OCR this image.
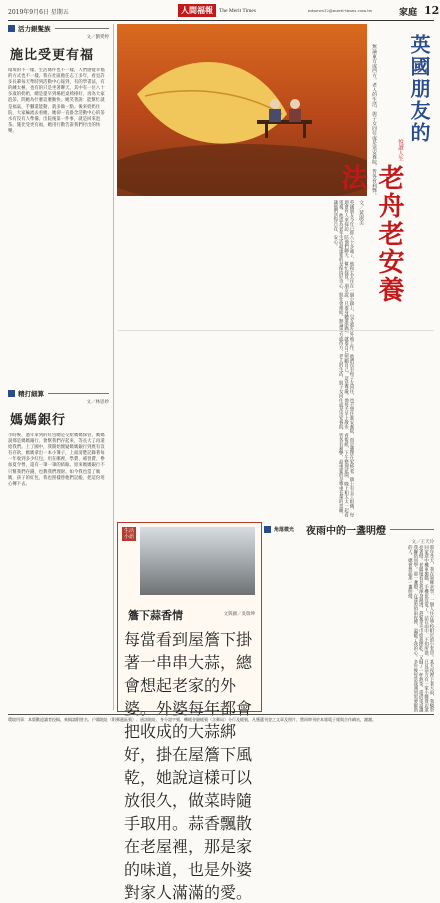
2019年9月6日 星期五	人間福報	The Merit Times	mtnews12@merit-times.com.tw	家庭 12
活力銀髮族
文／劉愛婷
施比受更有福
環境的不一樣，生活條件也不一樣，人們感覺幸福的方式也不一樣。我在社區擔任志工多年，看見許多長輩每天準時到活動中心報到，有的學書法，有的練太極，也有的只是坐著聊天。其中有一位八十多歲的奶奶，總是提早到場把桌椅排好，再為大家泡茶。問她為什麼這麼勤快，她笑著說：能幫忙就是福氣，手腳還能動，就多做一點。後來奶奶住院，大家輪流去看她，她卻一直掛念活動中心的茶水有沒有人準備。出院後第一件事，就是回來泡茶。施比受更有福，她用行動告訴我們付出的快樂。
精打細算
文／林思妙
媽媽銀行
小時候，過年拿到的紅包總是交給媽媽保管，媽媽說那是媽媽銀行，會幫我們存起來，等長大了再還給我們。上了國中，我開始懷疑媽媽銀行到底有沒有存款，媽媽拿出一本小簿子，上面清楚記錄著每一年收到多少紅包，用在哪裡，學費、補習費、參加夏令營，還有一筆一筆的結餘。原來媽媽銀行不只幫我們存錢，也教我們理財。如今我也當了媽媽，孩子的紅包，我也照樣替他們記帳，把這份用心傳下去。
英國朋友的
悅讀人生
老舟老安養法 無論東方或西方，老人的生活，與子女同住或是送安養院，皆各有利弊。
文／黃淑美
英國朋友今年已經八十多歲了，他和太太住在一個小鎮上，兒女都在外地工作。他們沒有和子女同住，也不想住進安養院，而是選擇在家終老。鎮上有志工組織，每週會有人來探訪，陪他們聊天、幫忙採買。朋友說，只要身體還能動，就要自己照顧自己，這是尊嚴。他每天早上散步、看報紙，下午整理花園，晚上和太太一起看電視。他認為老年生活最重要的是保持好奇心，與社會連結。無論東方或西方，老人的生活，與子女同住或是送安養院，皆各有利弊，最重要的是尊重長輩的意願，讓他們活得自在、安心。
角落微光 夜雨中的一盞明燈
文／王天玲
那年冬天，我在異鄉求學，一個人住在學校附近的小套房。某天夜裡下著大雨，我騎車回家途中機車拋錨，手機也沒電了。站在雨中，不知所措，只見前方有一家小雜貨店還亮著燈。老闆娘看見我渾身濕透，趕緊拿毛巾給我擦乾，又倒了一杯熱茶，還借電話讓我聯絡同學。那一盞燈，在漆黑的雨夜裡，溫暖了我的心。多年後每當我遇到需要幫助的人，總會想起那一盞明燈。
生活
小語
簷下蒜香情	文與圖／吳瑞坤
每當看到屋簷下掛著一串串大蒜，總會想起老家的外婆。外婆每年都會把收成的大蒜綁好，掛在屋簷下風乾，她說這樣可以放很久，做菜時隨手取用。蒜香飄散在老屋裡，那是家的味道，也是外婆對家人滿滿的愛。
環境用事：本版歡迎讀者投稿，來稿請附姓名、戶籍地址（附郵遞區號）、通訊地址、身分證字號、轉帳金融帳號（含郵局）分行及帳號，凡獲選刊登之文章及照片，將同時刊於本報電子報與合作網站，謝謝。
